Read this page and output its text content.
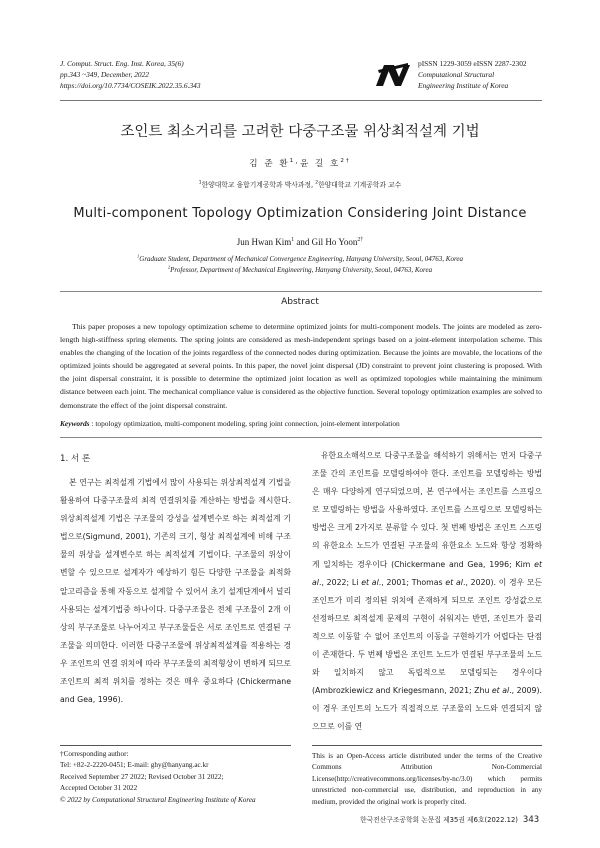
J. Comput. Struct. Eng. Inst. Korea, 35(6)
pp.343 ~349, December, 2022
https://doi.org/10.7734/COSEIK.2022.35.6.343
pISSN 1229-3059 eISSN 2287-2302
Computational Structural
Engineering Institute of Korea
조인트 최소거리를 고려한 다중구조물 위상최적설계 기법
김 준 환$^1$·윤 길 호$^{2\dagger}$
$^1$한양대학교 융합기계공학과 박사과정, $^2$한양대학교 기계공학과 교수
Multi-component Topology Optimization Considering Joint Distance
Jun Hwan Kim$^1$ and Gil Ho Yoon$^{2\dagger}$
$^1$Graduate Student, Department of Mechanical Convergence Engineering, Hanyang University, Seoul, 04763, Korea
$^2$Professor, Department of Mechanical Engineering, Hanyang University, Seoul, 04763, Korea
Abstract

This paper proposes a new topology optimization scheme to determine optimized joints for multi-component models. The joints are modeled as zero-length high-stiffness spring elements. The spring joints are considered as mesh-independent springs based on a joint-element interpolation scheme. This enables the changing of the location of the joints regardless of the connected nodes during optimization. Because the joints are movable, the locations of the optimized joints should be aggregated at several points. In this paper, the novel joint dispersal (JD) constraint to prevent joint clustering is proposed. With the joint dispersal constraint, it is possible to determine the optimized joint location as well as optimized topologies while maintaining the minimum distance between each joint. The mechanical compliance value is considered as the objective function. Several topology optimization examples are solved to demonstrate the effect of the joint dispersal constraint.

Keywords : topology optimization, multi-component modeling, spring joint connection, joint-element interpolation
1. 서 론

본 연구는 최적설계 기법에서 많이 사용되는 위상최적설계 기법을 활용하여 다중구조물의 최적 연결위치를 계산하는 방법을 제시한다. 위상최적설계 기법은 구조물의 강성을 설계변수로 하는 최적설계 기법으로(Sigmund, 2001), 기존의 크기, 형상 최적설계에 비해 구조물의 위상을 설계변수로 하는 최적설계 기법이다. 구조물의 위상이 변할 수 있으므로 설계자가 예상하기 힘든 다양한 구조물을 최적화 알고리즘을 통해 자동으로 설계할 수 있어서 초기 설계단계에서 널리 사용되는 설계기법중 하나이다. 다중구조물은 전체 구조물이 2개 이상의 부구조물로 나누어지고 부구조물들은 서로 조인트로 연결된 구조물을 의미한다. 이러한 다중구조물에 위상최적설계를 적용하는 경우 조인트의 연결 위치에 따라 부구조물의 최적형상이 변하게 되므로 조인트의 최적 위치를 정하는 것은 매우 중요하다 (Chickermane and Gea, 1996).

유한요소해석으로 다중구조물을 해석하기 위해서는 먼저 다중구조물 간의 조인트를 모델링하여야 한다. 조인트를 모델링하는 방법은 매우 다양하게 연구되었으며, 본 연구에서는 조인트를 스프링으로 모델링하는 방법을 사용하였다. 조인트를 스프링으로 모델링하는 방법은 크게 2가지로 분류할 수 있다. 첫 번째 방법은 조인트 스프링의 유한요소 노드가 연결된 구조물의 유한요소 노드와 항상 정확하게 일치하는 경우이다 (Chickermane and Gea, 1996; Kim et al., 2022; Li et al., 2001; Thomas et al., 2020). 이 경우 모든 조인트가 미리 정의된 위치에 존재하게 되므로 조인트 강성값으로 선정하므로 최적설계 문제의 구현이 쉬워지는 반면, 조인트가 물리적으로 이동할 수 없어 조인트의 이동을 구현하기가 어렵다는 단점이 존재한다. 두 번째 방법은 조인트 노드가 연결된 부구조물의 노드와 일치하지 않고 독립적으로 모델링되는 경우이다(Ambrozkiewicz and Kriegesmann, 2021; Zhu et al., 2009). 이 경우 조인트의 노드가 직접적으로 구조물의 노드와 연결되지 않으므로 이를 연

†Corresponding author:
Tel: +82-2-2220-0451; E-mail: ghy@hanyang.ac.kr
Received September 27 2022; Revised October 31 2022;
Accepted October 31 2022
© 2022 by Computational Structural Engineering Institute of Korea
This is an Open-Access article distributed under the terms of the Creative Commons Attribution Non-Commercial License(http://creativecommons.org/licenses/by-nc/3.0) which permits unrestricted non-commercial use, distribution, and reproduction in any medium, provided the original work is properly cited.
한국전산구조공학회 논문집 제35권 제6호(2022.12) 343
